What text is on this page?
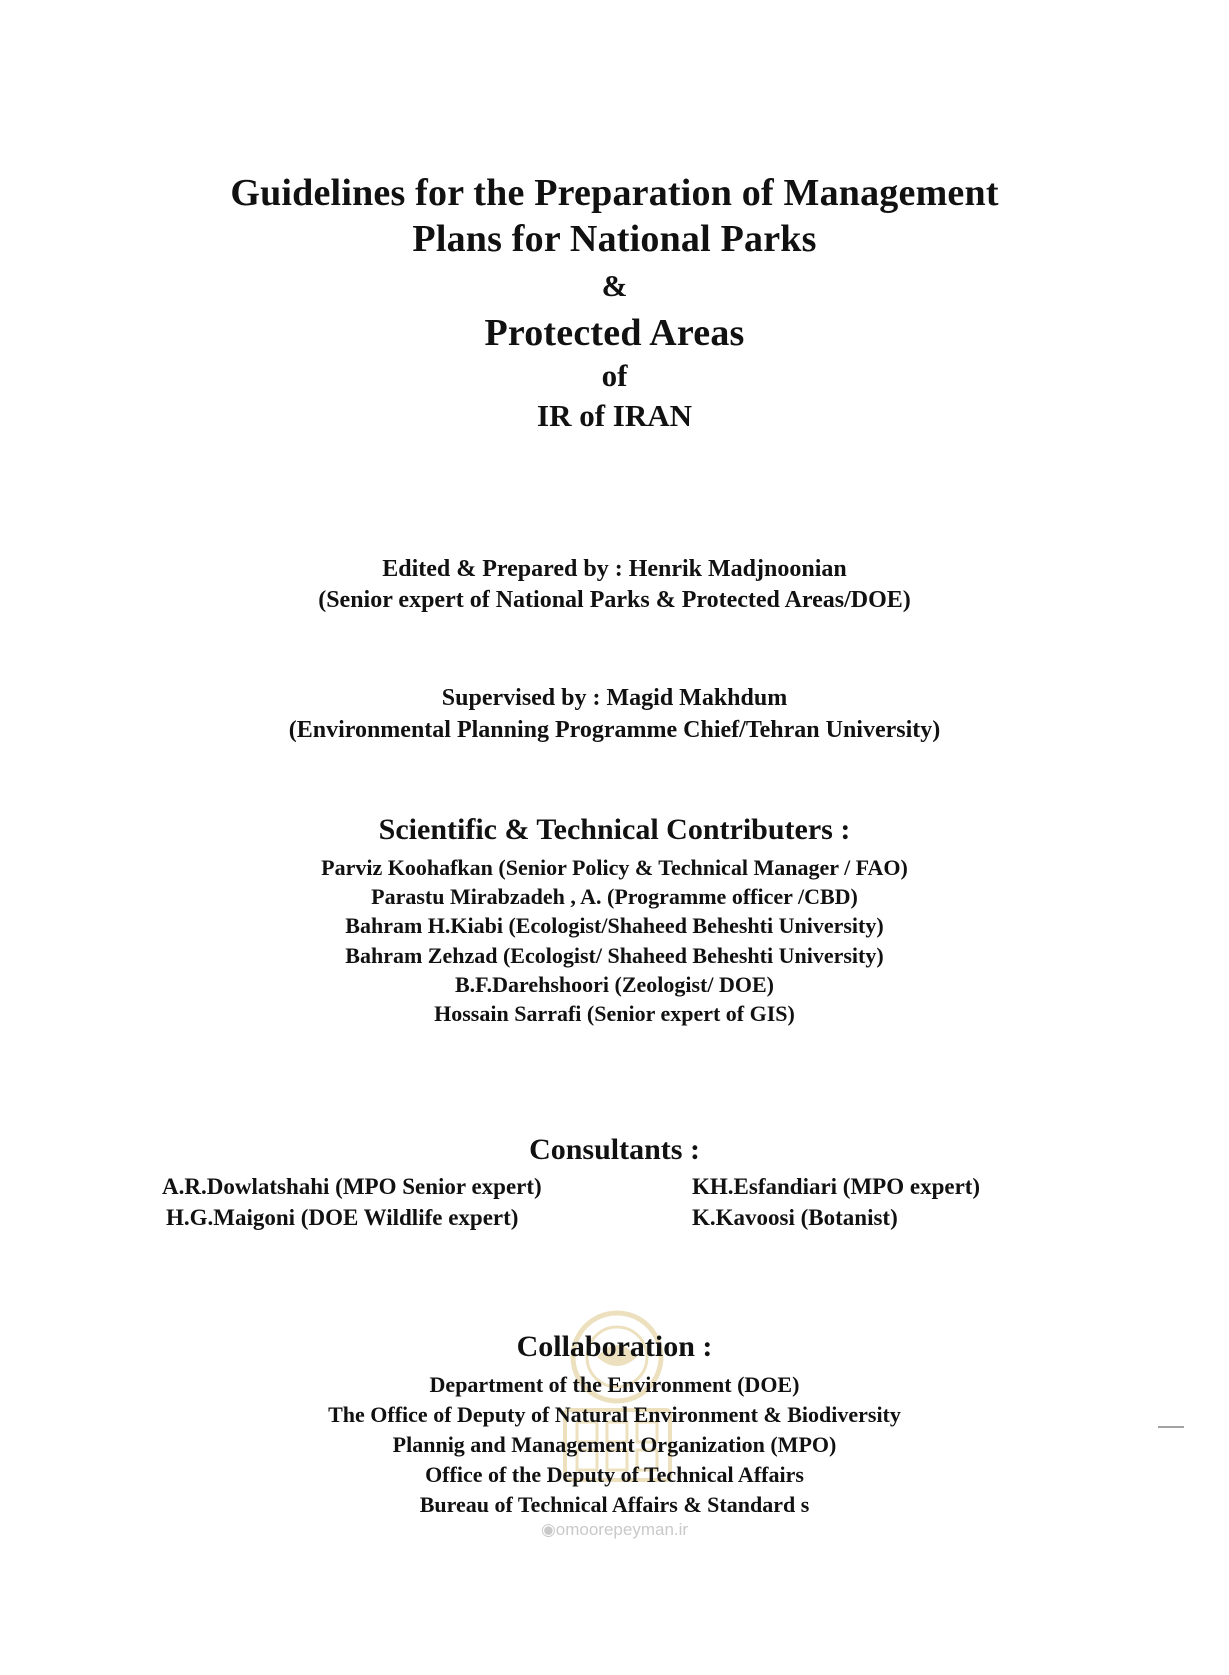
Guidelines for the Preparation of Management
Plans for National Parks
&
Protected Areas
of
IR of IRAN
Edited & Prepared by : Henrik Madjnoonian
(Senior expert of National Parks & Protected Areas/DOE)
Supervised by : Magid Makhdum
(Environmental Planning Programme Chief/Tehran University)
Scientific & Technical Contributers :
Parviz Koohafkan (Senior Policy & Technical Manager / FAO)
Parastu Mirabzadeh , A. (Programme officer /CBD)
Bahram H.Kiabi (Ecologist/Shaheed Beheshti University)
Bahram Zehzad (Ecologist/ Shaheed Beheshti University)
B.F.Darehshoori (Zeologist/ DOE)
Hossain Sarrafi (Senior expert of GIS)
Consultants :
A.R.Dowlatshahi (MPO Senior expert)
H.G.Maigoni (DOE Wildlife expert)
KH.Esfandiari (MPO expert)
K.Kavoosi (Botanist)
Collaboration :
Department of the Environment (DOE)
The Office of Deputy of Natural Environment & Biodiversity
Plannig and Management Organization (MPO)
Office of the Deputy of Technical Affairs
Bureau of Technical Affairs & Standard s
◉omoorepeyman.ir
